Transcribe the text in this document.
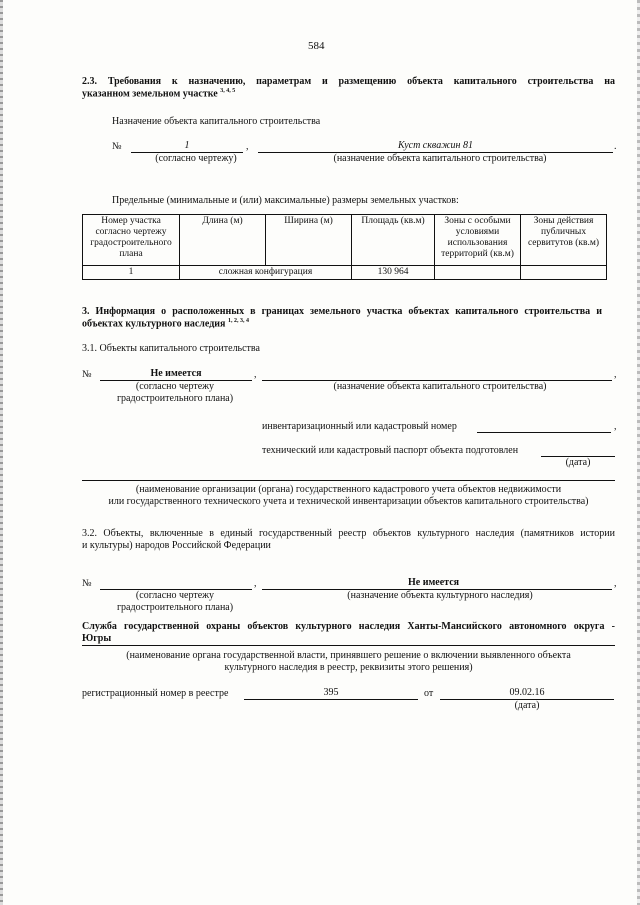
584
2.3. Требования к назначению, параметрам и размещению объекта капитального строительства на
указанном земельном участке $^{3, 4, 5}$
Назначение объекта капитального строительства
№	1	,	Куст скважин 81	.
(согласно чертежу)	(назначение объекта капитального строительства)
Предельные (минимальные и (или) максимальные) размеры земельных участков:
Номер участка согласно чертежу градостроительного плана	Длина (м)	Ширина (м)	Площадь (кв.м)	Зоны с особыми условиями использования территорий (кв.м)	Зоны действия публичных сервитутов (кв.м)
1	сложная конфигурация		130 964		
3. Информация о расположенных в границах земельного участка объектах капитального строительства и
объектах культурного наследия $^{1, 2, 3, 4}$
3.1. Объекты капитального строительства
№	Не имеется	,	,
(согласно чертежу
градостроительного плана)
(назначение объекта капитального строительства)
инвентаризационный или кадастровый номер	,
технический или кадастровый паспорт объекта подготовлен
(дата)
(наименование организации (органа) государственного кадастрового учета объектов недвижимости
или государственного технического учета и технической инвентаризации объектов капитального строительства)
3.2. Объекты, включенные в единый государственный реестр объектов культурного наследия (памятников истории
и культуры) народов Российской Федерации
№	,	Не имеется	,
(согласно чертежу
градостроительного плана)
(назначение объекта культурного наследия)
Служба государственной охраны объектов культурного наследия Ханты-Мансийского автономного округа -
Югры
(наименование органа государственной власти, принявшего решение о включении выявленного объекта
культурного наследия в реестр, реквизиты этого решения)
регистрационный номер в реестре	395	от	09.02.16
(дата)
